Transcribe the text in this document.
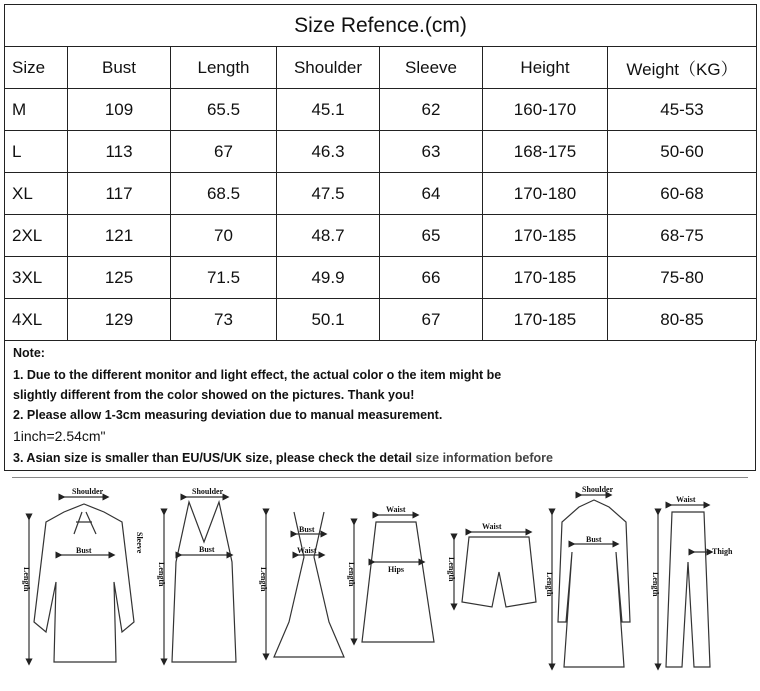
Size Refence.(cm)						
Size	Bust	Length	Shoulder	Sleeve	Height	Weight（KG）
M	109	65.5	45.1	62	160-170	45-53
L	113	67	46.3	63	168-175	50-60
XL	117	68.5	47.5	64	170-180	60-68
2XL	121	70	48.7	65	170-185	68-75
3XL	125	71.5	49.9	66	170-185	75-80
4XL	129	73	50.1	67	170-185	80-85
Note:
1. Due to the different monitor and light effect, the actual color o the item might be
slightly different from the color showed on the pictures. Thank you!
2. Please allow 1-3cm measuring deviation due to manual measurement.
1inch=2.54cm"
3. Asian size is smaller than EU/US/UK size, please check the detail size information before
Shoulder
Bust	Sleeve
Length
Shoulder
Bust
Length
Bust
Waist
Length
Waist
Hips
Length
Waist
Length
Shoulder
Bust
Length
Waist
Thigh
Length
